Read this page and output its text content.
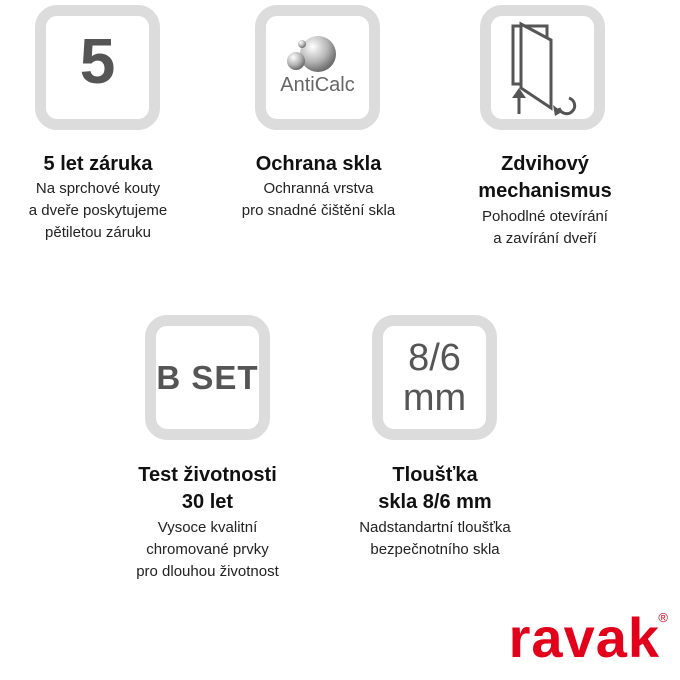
5
5 let záruka
Na sprchové kouty
a dveře poskytujeme
pětiletou záruku
AntiCalc
Ochrana skla
Ochranná vrstva
pro snadné čištění skla
Zdvihový
mechanismus
Pohodlné otevírání
a zavírání dveří
B SET
Test životnosti
30 let
Vysoce kvalitní
chromované prvky
pro dlouhou životnost
8/6
mm
Tloušťka
skla 8/6 mm
Nadstandartní tloušťka
bezpečnotního skla
ravak
®
